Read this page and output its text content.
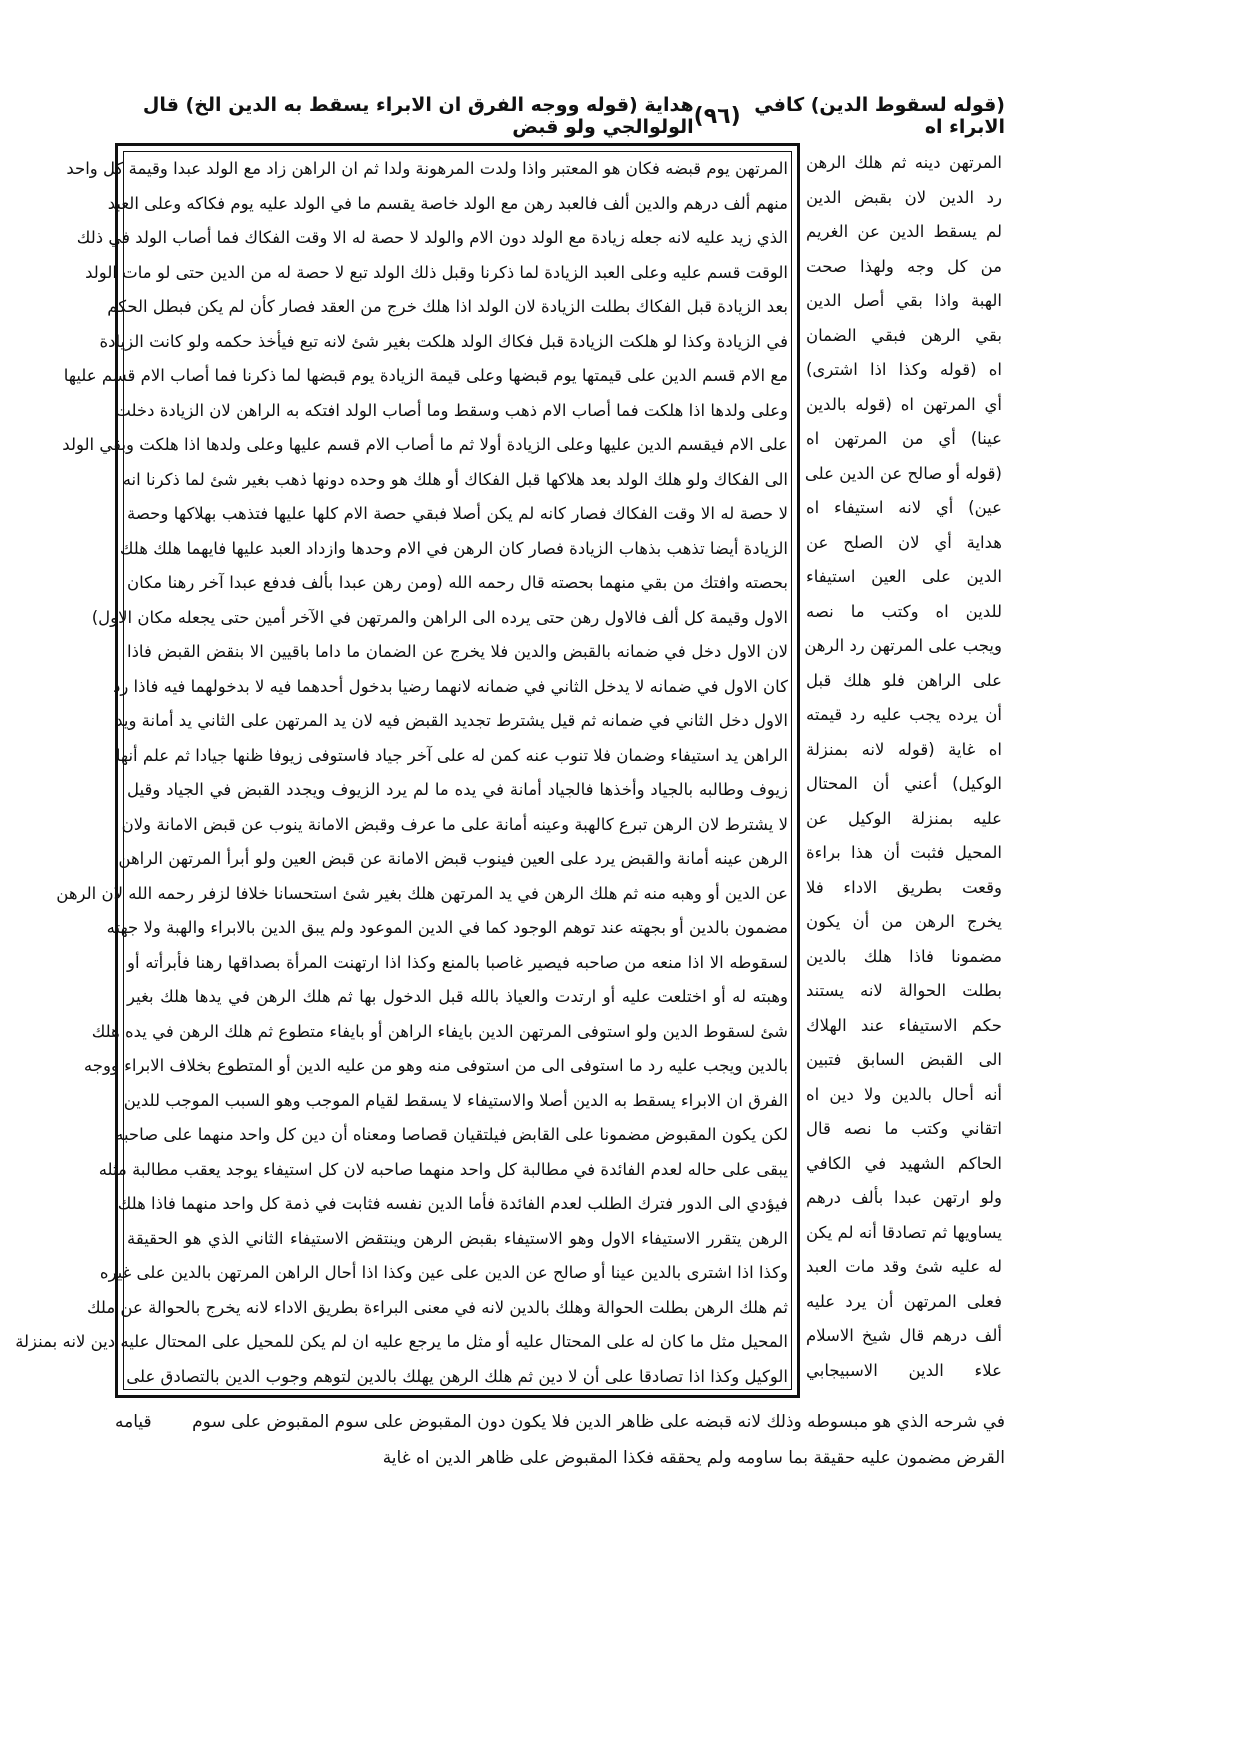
(قوله لسقوط الدين) كافي الابراء اه
(٩٦)
هداية (قوله ووجه الفرق ان الابراء يسقط به الدين الخ) قال الولوالجي ولو قبض
المرتهن يوم قبضه فكان هو المعتبر واذا ولدت المرهونة ولدا ثم ان الراهن زاد مع الولد عبدا وقيمة كل واحد
منهم ألف درهم والدين ألف فالعبد رهن مع الولد خاصة يقسم ما في الولد عليه يوم فكاكه وعلى العبد
الذي زيد عليه لانه جعله زيادة مع الولد دون الام والولد لا حصة له الا وقت الفكاك فما أصاب الولد في ذلك
الوقت قسم عليه وعلى العبد الزيادة لما ذكرنا وقبل ذلك الولد تبع لا حصة له من الدين حتى لو مات الولد
بعد الزيادة قبل الفكاك بطلت الزيادة لان الولد اذا هلك خرج من العقد فصار كأن لم يكن فبطل الحكم
في الزيادة وكذا لو هلكت الزيادة قبل فكاك الولد هلكت بغير شئ لانه تبع فيأخذ حكمه ولو كانت الزيادة
مع الام قسم الدين على قيمتها يوم قبضها وعلى قيمة الزيادة يوم قبضها لما ذكرنا فما أصاب الام قسم عليها
وعلى ولدها اذا هلكت فما أصاب الام ذهب وسقط وما أصاب الولد افتكه به الراهن لان الزيادة دخلت
على الام فيقسم الدين عليها وعلى الزيادة أولا ثم ما أصاب الام قسم عليها وعلى ولدها اذا هلكت وبقي الولد
الى الفكاك ولو هلك الولد بعد هلاكها قبل الفكاك أو هلك هو وحده دونها ذهب بغير شئ لما ذكرنا انه
لا حصة له الا وقت الفكاك فصار كانه لم يكن أصلا فبقي حصة الام كلها عليها فتذهب بهلاكها وحصة
الزيادة أيضا تذهب بذهاب الزيادة فصار كان الرهن في الام وحدها وازداد العبد عليها فايهما هلك هلك
بحصته وافتك من بقي منهما بحصته قال رحمه الله (ومن رهن عبدا بألف فدفع عبدا آخر رهنا مكان
الاول وقيمة كل ألف فالاول رهن حتى يرده الى الراهن والمرتهن في الآخر أمين حتى يجعله مكان الاول)
لان الاول دخل في ضمانه بالقبض والدين فلا يخرج عن الضمان ما داما باقيين الا بنقض القبض فاذا
كان الاول في ضمانه لا يدخل الثاني في ضمانه لانهما رضيا بدخول أحدهما فيه لا بدخولهما فيه فاذا رد
الاول دخل الثاني في ضمانه ثم قيل يشترط تجديد القبض فيه لان يد المرتهن على الثاني يد أمانة ويد
الراهن يد استيفاء وضمان فلا تنوب عنه كمن له على آخر جياد فاستوفى زيوفا ظنها جيادا ثم علم أنها
زيوف وطالبه بالجياد وأخذها فالجياد أمانة في يده ما لم يرد الزيوف ويجدد القبض في الجياد وقيل
لا يشترط لان الرهن تبرع كالهبة وعينه أمانة على ما عرف وقبض الامانة ينوب عن قبض الامانة ولان
الرهن عينه أمانة والقبض يرد على العين فينوب قبض الامانة عن قبض العين ولو أبرأ المرتهن الراهن
عن الدين أو وهبه منه ثم هلك الرهن في يد المرتهن هلك بغير شئ استحسانا خلافا لزفر رحمه الله لان الرهن
مضمون بالدين أو بجهته عند توهم الوجود كما في الدين الموعود ولم يبق الدين بالابراء والهبة ولا جهته
لسقوطه الا اذا منعه من صاحبه فيصير غاصبا بالمنع وكذا اذا ارتهنت المرأة بصداقها رهنا فأبرأته أو
وهبته له أو اختلعت عليه أو ارتدت والعياذ بالله قبل الدخول بها ثم هلك الرهن في يدها هلك بغير
شئ لسقوط الدين ولو استوفى المرتهن الدين بايفاء الراهن أو بايفاء متطوع ثم هلك الرهن في يده هلك
بالدين ويجب عليه رد ما استوفى الى من استوفى منه وهو من عليه الدين أو المتطوع بخلاف الابراء ووجه
الفرق ان الابراء يسقط به الدين أصلا والاستيفاء لا يسقط لقيام الموجب وهو السبب الموجب للدين
لكن يكون المقبوض مضمونا على القابض فيلتقيان قصاصا ومعناه أن دين كل واحد منهما على صاحبه
يبقى على حاله لعدم الفائدة في مطالبة كل واحد منهما صاحبه لان كل استيفاء يوجد يعقب مطالبة مثله
فيؤدي الى الدور فترك الطلب لعدم الفائدة فأما الدين نفسه فثابت في ذمة كل واحد منهما فاذا هلك
الرهن يتقرر الاستيفاء الاول وهو الاستيفاء بقبض الرهن وينتقض الاستيفاء الثاني الذي هو الحقيقة
وكذا اذا اشترى بالدين عينا أو صالح عن الدين على عين وكذا اذا أحال الراهن المرتهن بالدين على غيره
ثم هلك الرهن بطلت الحوالة وهلك بالدين لانه في معنى البراءة بطريق الاداء لانه يخرج بالحوالة عن ملك
المحيل مثل ما كان له على المحتال عليه أو مثل ما يرجع عليه ان لم يكن للمحيل على المحتال عليه دين لانه بمنزلة
الوكيل وكذا اذا تصادقا على أن لا دين ثم هلك الرهن يهلك بالدين لتوهم وجوب الدين بالتصادق على
المرتهن دينه ثم هلك الرهن
رد الدين لان بقبض الدين
لم يسقط الدين عن الغريم
من كل وجه ولهذا صحت
الهبة واذا بقي أصل الدين
بقي الرهن فبقي الضمان
اه (قوله وكذا اذا اشترى)
أي المرتهن اه (قوله بالدين
عينا) أي من المرتهن اه
(قوله أو صالح عن الدين على
عين) أي لانه استيفاء اه
هداية أي لان الصلح عن
الدين على العين استيفاء
للدين اه وكتب ما نصه
ويجب على المرتهن رد الرهن
على الراهن فلو هلك قبل
أن يرده يجب عليه رد قيمته
اه غاية (قوله لانه بمنزلة
الوكيل) أعني أن المحتال
عليه بمنزلة الوكيل عن
المحيل فثبت أن هذا براءة
وقعت بطريق الاداء فلا
يخرج الرهن من أن يكون
مضمونا فاذا هلك بالدين
بطلت الحوالة لانه يستند
حكم الاستيفاء عند الهلاك
الى القبض السابق فتبين
أنه أحال بالدين ولا دين اه
اتقاني وكتب ما نصه قال
الحاكم الشهيد في الكافي
ولو ارتهن عبدا بألف درهم
يساويها ثم تصادقا أنه لم يكن
له عليه شئ وقد مات العبد
فعلى المرتهن أن يرد عليه
ألف درهم قال شيخ الاسلام
علاء الدين الاسبيجابي
في شرحه الذي هو مبسوطه وذلك لانه قبضه على ظاهر الدين فلا يكون دون المقبوض على سوم المقبوض على سوم
قيامه
القرض مضمون عليه حقيقة بما ساومه ولم يحققه فكذا المقبوض على ظاهر الدين اه غاية
